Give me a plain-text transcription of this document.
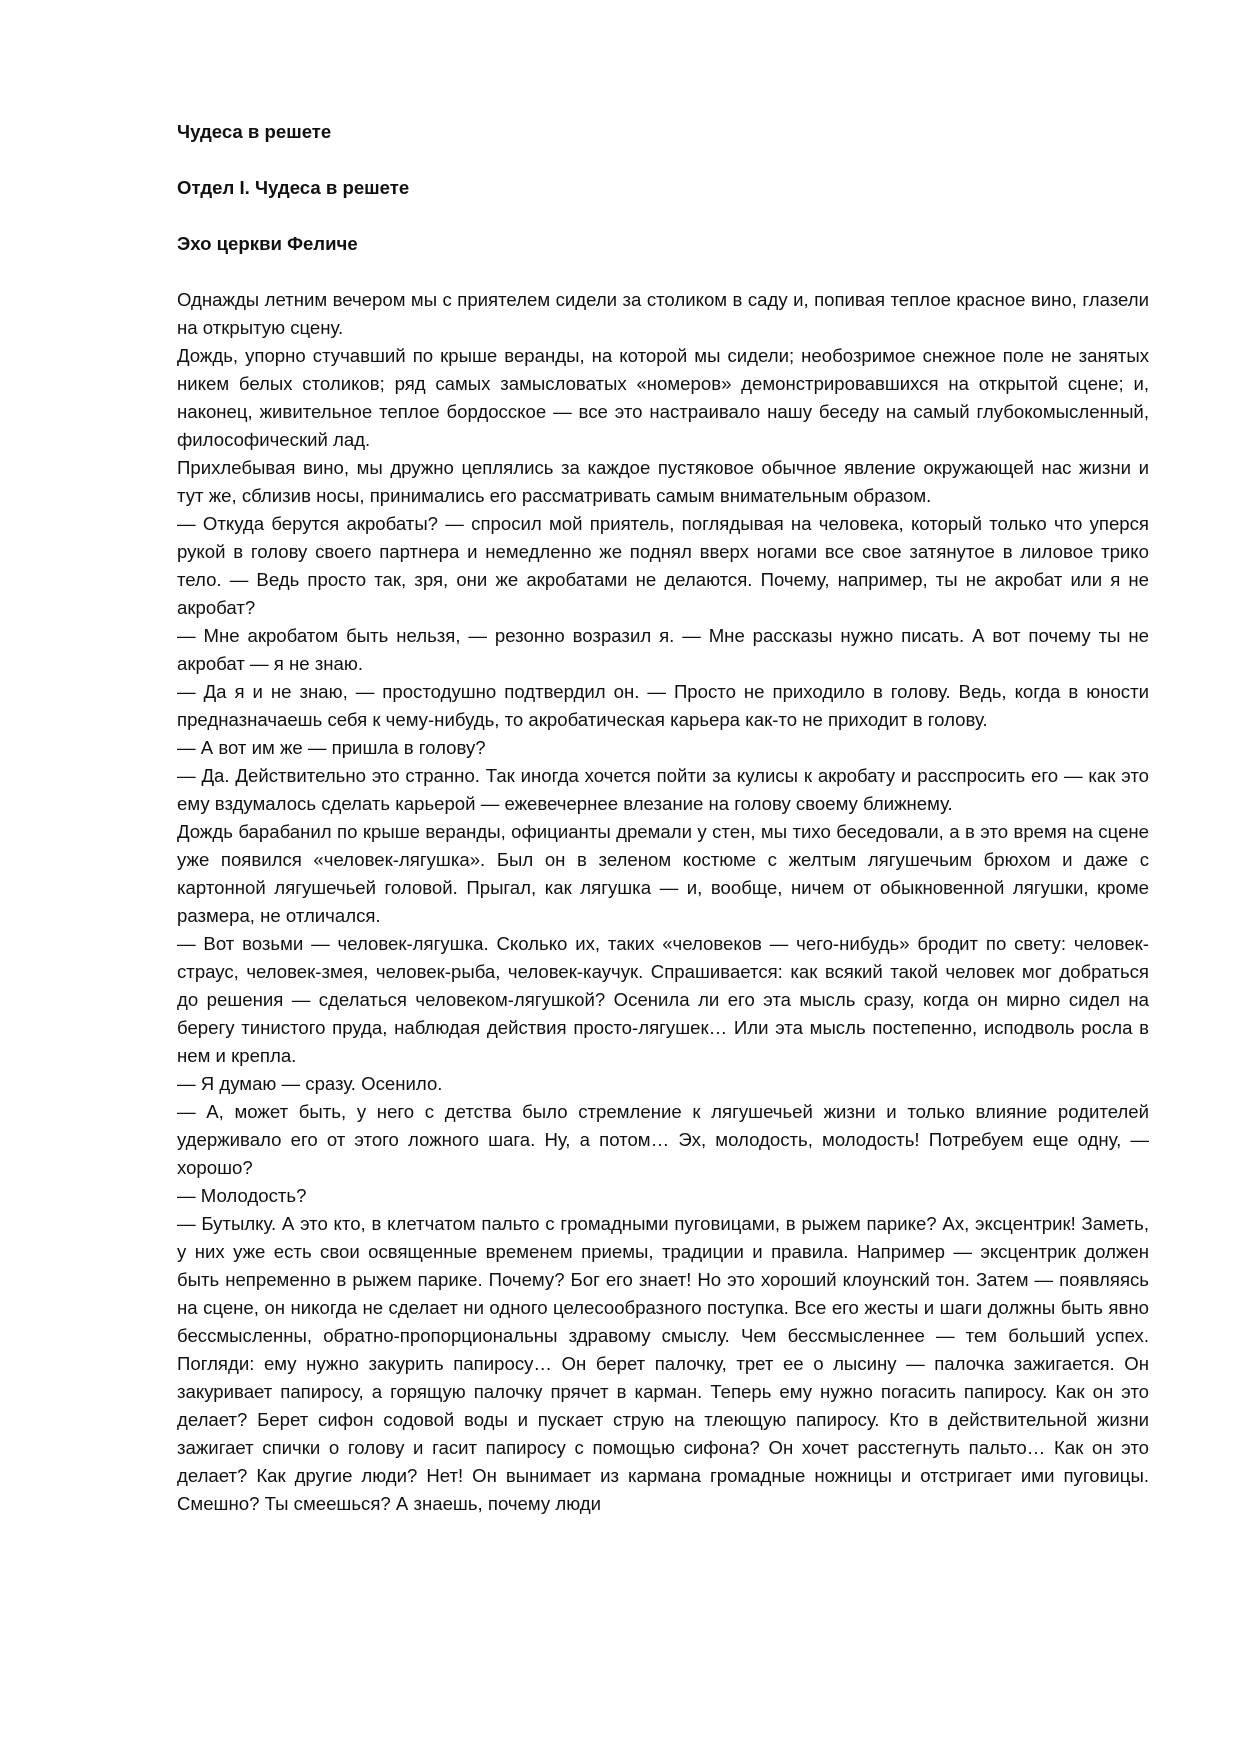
Чудеса в решете

Отдел I. Чудеса в решете

Эхо церкви Феличе

Однажды летним вечером мы с приятелем сидели за столиком в саду и, попивая теплое красное вино, глазели на открытую сцену.

Дождь, упорно стучавший по крыше веранды, на которой мы сидели; необозримое снежное поле не занятых никем белых столиков; ряд самых замысловатых «номеров» демонстрировавшихся на открытой сцене; и, наконец, живительное теплое бордосское — все это настраивало нашу беседу на самый глубокомысленный, философический лад.

Прихлебывая вино, мы дружно цеплялись за каждое пустяковое обычное явление окружающей нас жизни и тут же, сблизив носы, принимались его рассматривать самым внимательным образом.

— Откуда берутся акробаты? — спросил мой приятель, поглядывая на человека, который только что уперся рукой в голову своего партнера и немедленно же поднял вверх ногами все свое затянутое в лиловое трико тело. — Ведь просто так, зря, они же акробатами не делаются. Почему, например, ты не акробат или я не акробат?

— Мне акробатом быть нельзя, — резонно возразил я. — Мне рассказы нужно писать. А вот почему ты не акробат — я не знаю.

— Да я и не знаю, — простодушно подтвердил он. — Просто не приходило в голову. Ведь, когда в юности предназначаешь себя к чему-нибудь, то акробатическая карьера как-то не приходит в голову.

— А вот им же — пришла в голову?

— Да. Действительно это странно. Так иногда хочется пойти за кулисы к акробату и расспросить его — как это ему вздумалось сделать карьерой — ежевечернее влезание на голову своему ближнему.

Дождь барабанил по крыше веранды, официанты дремали у стен, мы тихо беседовали, а в это время на сцене уже появился «человек-лягушка». Был он в зеленом костюме с желтым лягушечьим брюхом и даже с картонной лягушечьей головой. Прыгал, как лягушка — и, вообще, ничем от обыкновенной лягушки, кроме размера, не отличался.

— Вот возьми — человек-лягушка. Сколько их, таких «человеков — чего-нибудь» бродит по свету: человек-страус, человек-змея, человек-рыба, человек-каучук. Спрашивается: как всякий такой человек мог добраться до решения — сделаться человеком-лягушкой? Осенила ли его эта мысль сразу, когда он мирно сидел на берегу тинистого пруда, наблюдая действия просто-лягушек… Или эта мысль постепенно, исподволь росла в нем и крепла.

— Я думаю — сразу. Осенило.

— А, может быть, у него с детства было стремление к лягушечьей жизни и только влияние родителей удерживало его от этого ложного шага. Ну, а потом… Эх, молодость, молодость! Потребуем еще одну, — хорошо?

— Молодость?

— Бутылку. А это кто, в клетчатом пальто с громадными пуговицами, в рыжем парике? Ах, эксцентрик! Заметь, у них уже есть свои освященные временем приемы, традиции и правила. Например — эксцентрик должен быть непременно в рыжем парике. Почему? Бог его знает! Но это хороший клоунский тон. Затем — появляясь на сцене, он никогда не сделает ни одного целесообразного поступка. Все его жесты и шаги должны быть явно бессмысленны, обратно-пропорциональны здравому смыслу. Чем бессмысленнее — тем больший успех. Погляди: ему нужно закурить папиросу… Он берет палочку, трет ее о лысину — палочка зажигается. Он закуривает папиросу, а горящую палочку прячет в карман. Теперь ему нужно погасить папиросу. Как он это делает? Берет сифон содовой воды и пускает струю на тлеющую папиросу. Кто в действительной жизни зажигает спички о голову и гасит папиросу с помощью сифона? Он хочет расстегнуть пальто… Как он это делает? Как другие люди? Нет! Он вынимает из кармана громадные ножницы и отстригает ими пуговицы. Смешно? Ты смеешься? А знаешь, почему люди
